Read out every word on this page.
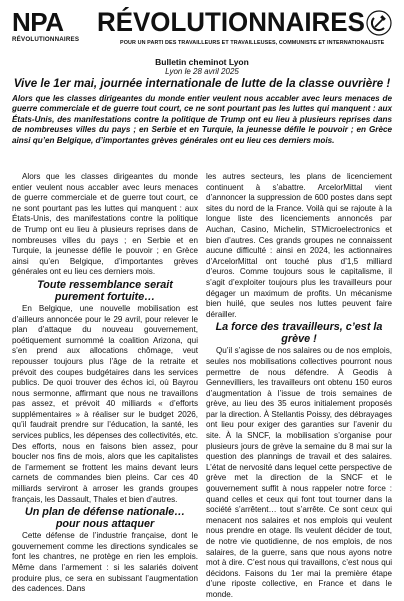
NPA
RÉVOLUTIONNAIRES
RÉVOLUTIONNAIRES
POUR UN PARTI DES TRAVAILLEURS ET TRAVAILLEUSES, COMMUNISTE ET INTERNATIONALISTE
Bulletin cheminot Lyon
Lyon le 28 avril 2025
Vive le 1er mai, journée internationale de lutte de la classe ouvrière !
Alors que les classes dirigeantes du monde entier veulent nous accabler avec leurs menaces de guerre commerciale et de guerre tout court, ce ne sont pourtant pas les luttes qui manquent : aux États-Unis, des manifestations contre la politique de Trump ont eu lieu à plusieurs reprises dans de nombreuses villes du pays ; en Serbie et en Turquie, la jeunesse défile le pouvoir ; en Grèce ainsi qu’en Belgique, d’importantes grèves générales ont eu lieu ces derniers mois.

Alors que les classes dirigeantes du monde entier veulent nous accabler avec leurs menaces de guerre commerciale et de guerre tout court, ce ne sont pourtant pas les luttes qui manquent : aux États-Unis, des manifestations contre la politique de Trump ont eu lieu à plusieurs reprises dans de nombreuses villes du pays ; en Serbie et en Turquie, la jeunesse défile le pouvoir ; en Grèce ainsi qu’en Belgique, d’importantes grèves générales ont eu lieu ces derniers mois.

Toute ressemblance serait purement fortuite…

En Belgique, une nouvelle mobilisation est d’ailleurs annoncée pour le 29 avril, pour relever le plan d’attaque du nouveau gouvernement, poétiquement surnommé la coalition Arizona, qui s’en prend aux allocations chômage, veut repousser toujours plus l’âge de la retraite et prévoit des coupes budgétaires dans les services publics. De quoi trouver des échos ici, où Bayrou nous sermonne, affirmant que nous ne travaillons pas assez, et prévoit 40 milliards « d’efforts supplémentaires » à réaliser sur le budget 2026, qu’il faudrait prendre sur l’éducation, la santé, les services publics, les dépenses des collectivités, etc. Des efforts, nous en faisons bien assez, pour boucler nos fins de mois, alors que les capitalistes de l’armement se frottent les mains devant leurs carnets de commandes bien pleins. Car ces 40 milliards serviront à arroser les grands groupes français, les Dassault, Thales et bien d’autres.

Un plan de défense nationale… pour nous attaquer

Cette défense de l’industrie française, dont le gouvernement comme les directions syndicales se font les chantres, ne protège en rien les emplois. Même dans l’armement : si les salariés doivent produire plus, ce sera en subissant l’augmentation des cadences. Dans

les autres secteurs, les plans de licenciement continuent à s’abattre. ArcelorMittal vient d’annoncer la suppression de 600 postes dans sept sites du nord de la France. Voilà qui se rajoute à la longue liste des licenciements annoncés par Auchan, Casino, Michelin, STMicroelectronics et bien d’autres. Ces grands groupes ne connaissent aucune difficulté : ainsi en 2024, les actionnaires d’ArcelorMittal ont touché plus d’1,5 milliard d’euros. Comme toujours sous le capitalisme, il s’agit d’exploiter toujours plus les travailleurs pour dégager un maximum de profits. Un mécanisme bien huilé, que seules nos luttes peuvent faire dérailler.

La force des travailleurs, c’est la grève !

Qu’il s’agisse de nos salaires ou de nos emplois, seules nos mobilisations collectives pourront nous permettre de nous défendre. À Geodis à Gennevilliers, les travailleurs ont obtenu 150 euros d’augmentation à l’issue de trois semaines de grève, au lieu des 35 euros initialement proposés par la direction. À Stellantis Poissy, des débrayages ont lieu pour exiger des garanties sur l’avenir du site. À la SNCF, la mobilisation s’organise pour plusieurs jours de grève la semaine du 8 mai sur la question des plannings de travail et des salaires. L’état de nervosité dans lequel cette perspective de grève met la direction de la SNCF et le gouvernement suffit à nous rappeler notre force : quand celles et ceux qui font tout tourner dans la société s’arrêtent… tout s’arrête. Ce sont ceux qui menacent nos salaires et nos emplois qui veulent nous prendre en otage. Ils veulent décider de tout, de notre vie quotidienne, de nos emplois, de nos salaires, de la guerre, sans que nous ayons notre mot à dire. C’est nous qui travaillons, c’est nous qui décidons. Faisons du 1er mai la première étape d’une riposte collective, en France et dans le monde.
